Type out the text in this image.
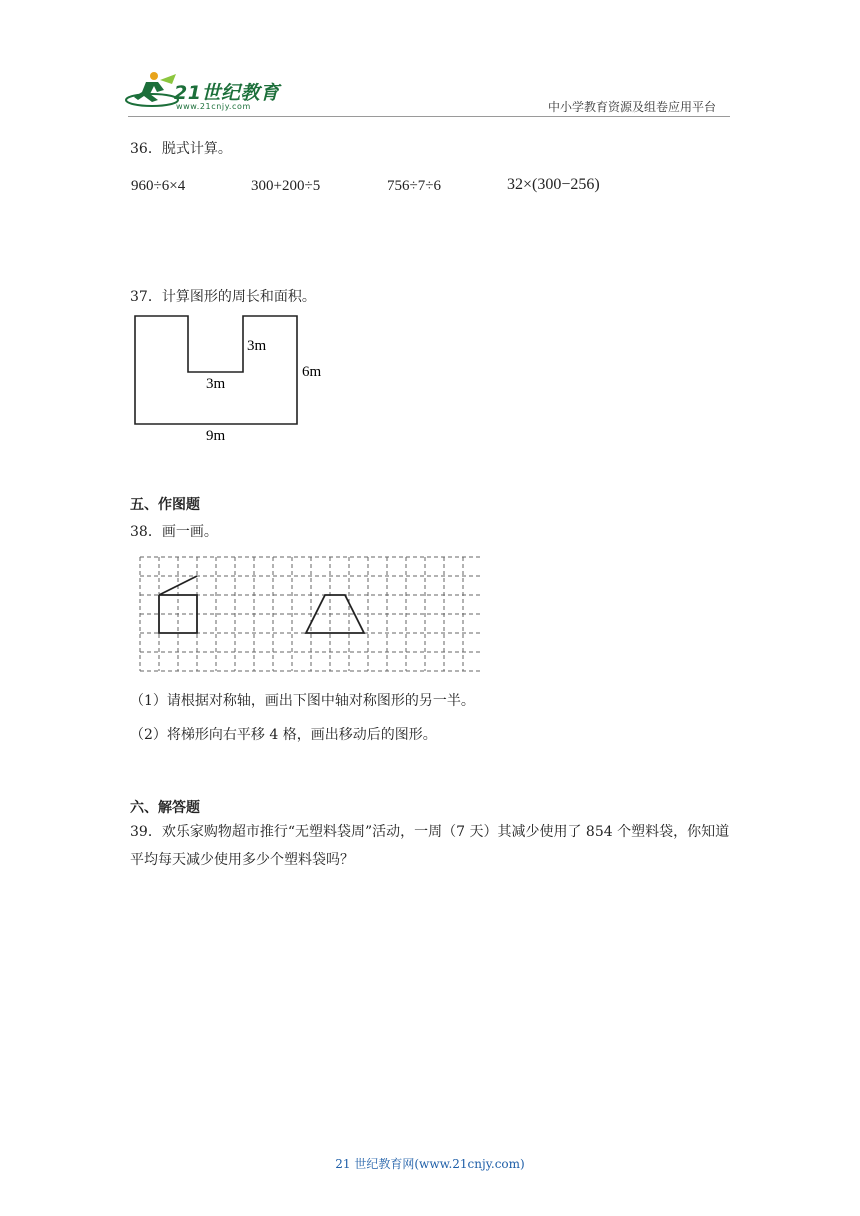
21世纪教育
www.21cnjy.com	中小学教育资源及组卷应用平台
36．脱式计算。
960÷6×4	300+200÷5	756÷7÷6	32×(300−256)
37．计算图形的周长和面积。
3m
3m
6m
9m
五、作图题
38．画一画。
（1）请根据对称轴，画出下图中轴对称图形的另一半。
（2）将梯形向右平移 4 格，画出移动后的图形。
六、解答题
39．欢乐家购物超市推行“无塑料袋周”活动，一周（7 天）其减少使用了 854 个塑料袋，你知道平均每天减少使用多少个塑料袋吗？
21 世纪教育网(www.21cnjy.com)
